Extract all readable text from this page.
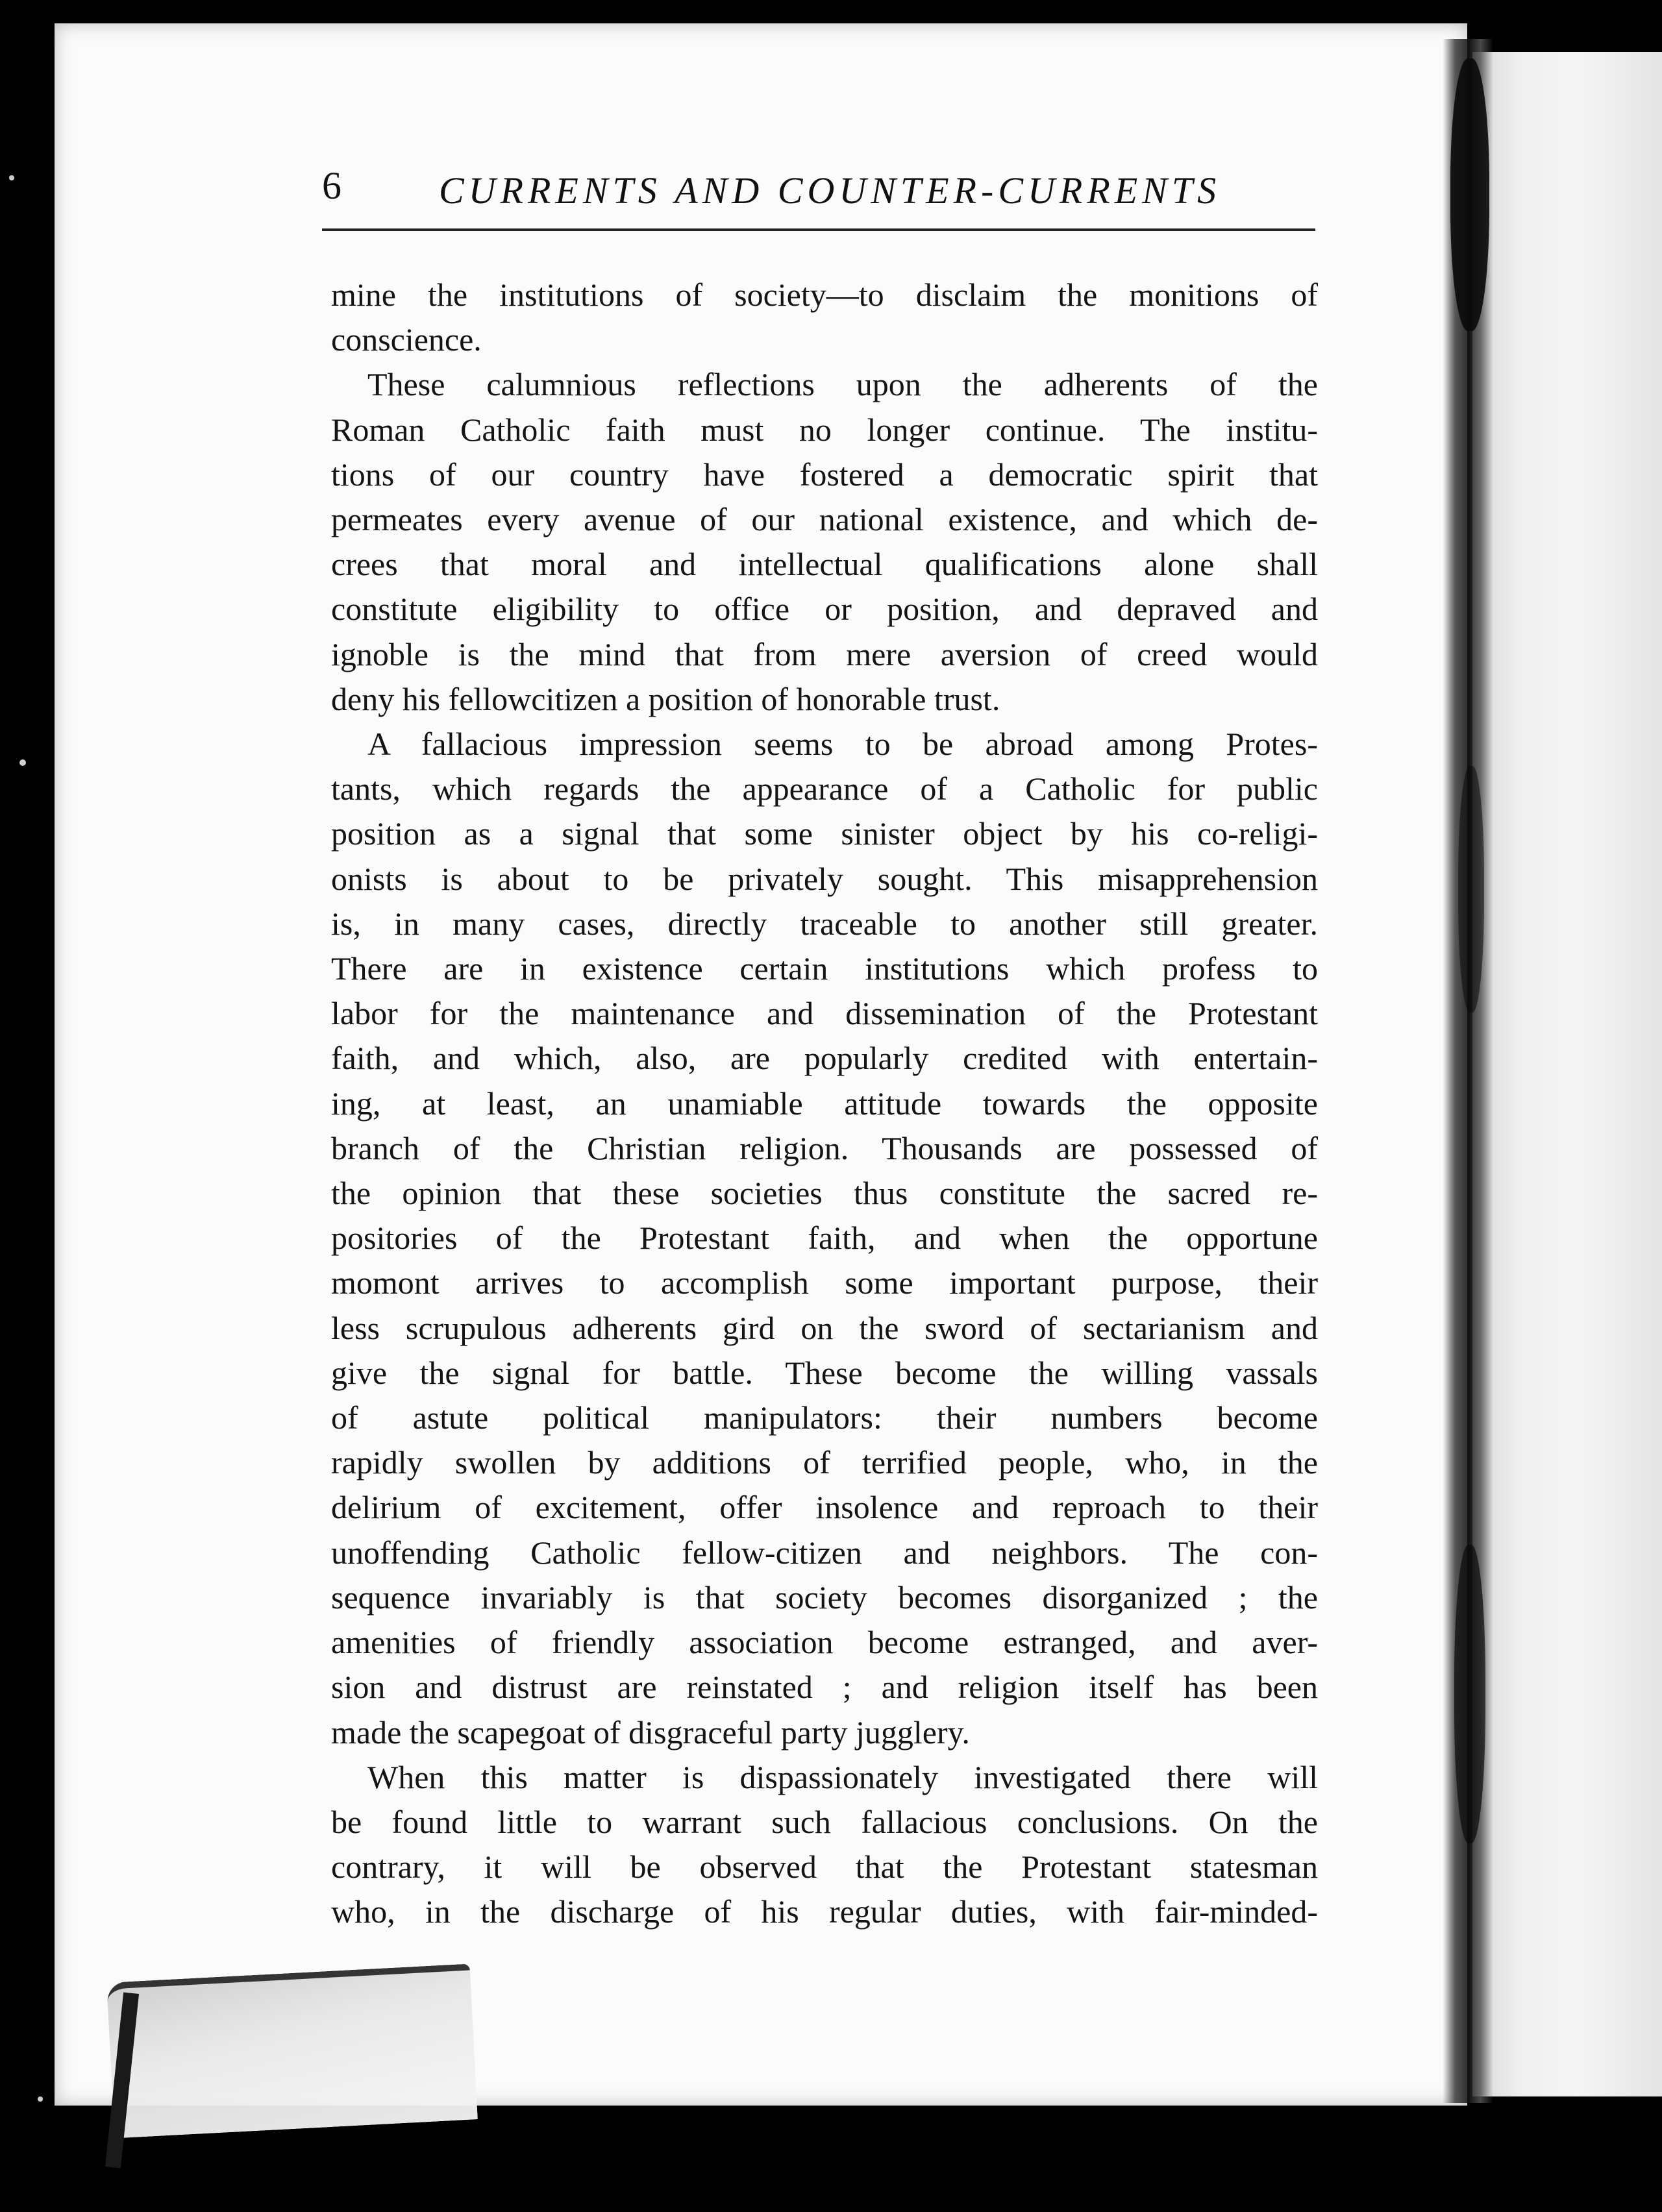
6	CURRENTS AND COUNTER-CURRENTS
mine the institutions of society—to disclaim the monitions of
conscience.
These calumnious reflections upon the adherents of the
Roman Catholic faith must no longer continue. The institu-
tions of our country have fostered a democratic spirit that
permeates every avenue of our national existence, and which de-
crees that moral and intellectual qualifications alone shall
constitute eligibility to office or position, and depraved and
ignoble is the mind that from mere aversion of creed would
deny his fellowcitizen a position of honorable trust.
A fallacious impression seems to be abroad among Protes-
tants, which regards the appearance of a Catholic for public
position as a signal that some sinister object by his co-religi-
onists is about to be privately sought. This misapprehension
is, in many cases, directly traceable to another still greater.
There are in existence certain institutions which profess to
labor for the maintenance and dissemination of the Protestant
faith, and which, also, are popularly credited with entertain-
ing, at least, an unamiable attitude towards the opposite
branch of the Christian religion. Thousands are possessed of
the opinion that these societies thus constitute the sacred re-
positories of the Protestant faith, and when the opportune
momont arrives to accomplish some important purpose, their
less scrupulous adherents gird on the sword of sectarianism and
give the signal for battle. These become the willing vassals
of astute political manipulators: their numbers become
rapidly swollen by additions of terrified people, who, in the
delirium of excitement, offer insolence and reproach to their
unoffending Catholic fellow-citizen and neighbors. The con-
sequence invariably is that society becomes disorganized ; the
amenities of friendly association become estranged, and aver-
sion and distrust are reinstated ; and religion itself has been
made the scapegoat of disgraceful party jugglery.
When this matter is dispassionately investigated there will
be found little to warrant such fallacious conclusions. On the
contrary, it will be observed that the Protestant statesman
who, in the discharge of his regular duties, with fair-minded-
